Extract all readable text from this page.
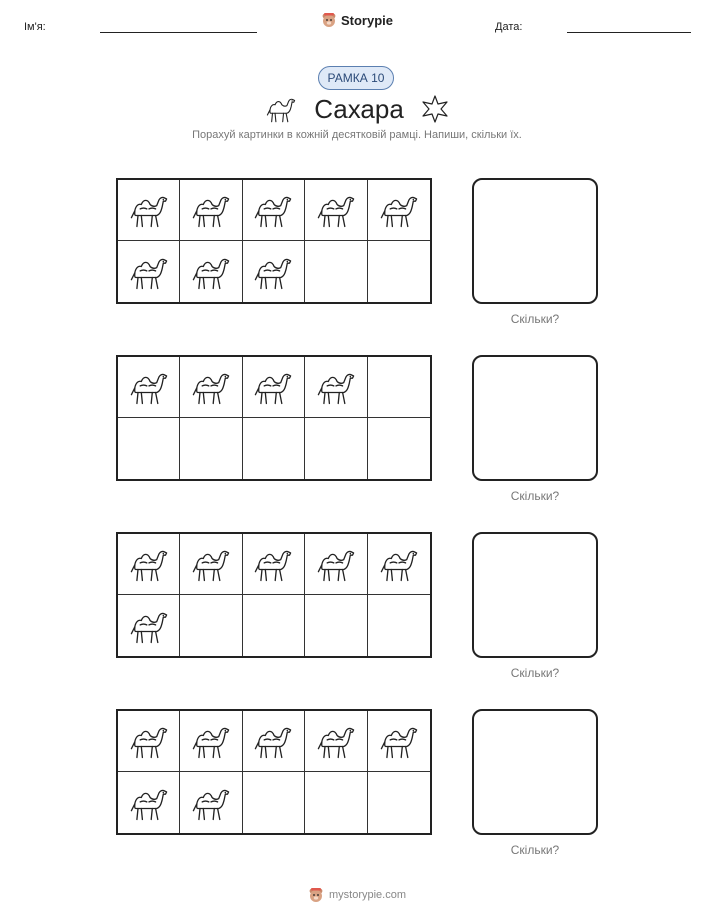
Ім'я:	Storypie	Дата:
РАМКА 10
Сахара
Порахуй картинки в кожній десятковій рамці. Напиши, скільки їх.
Скільки?
Скільки?
Скільки?
Скільки?
mystorypie.com
